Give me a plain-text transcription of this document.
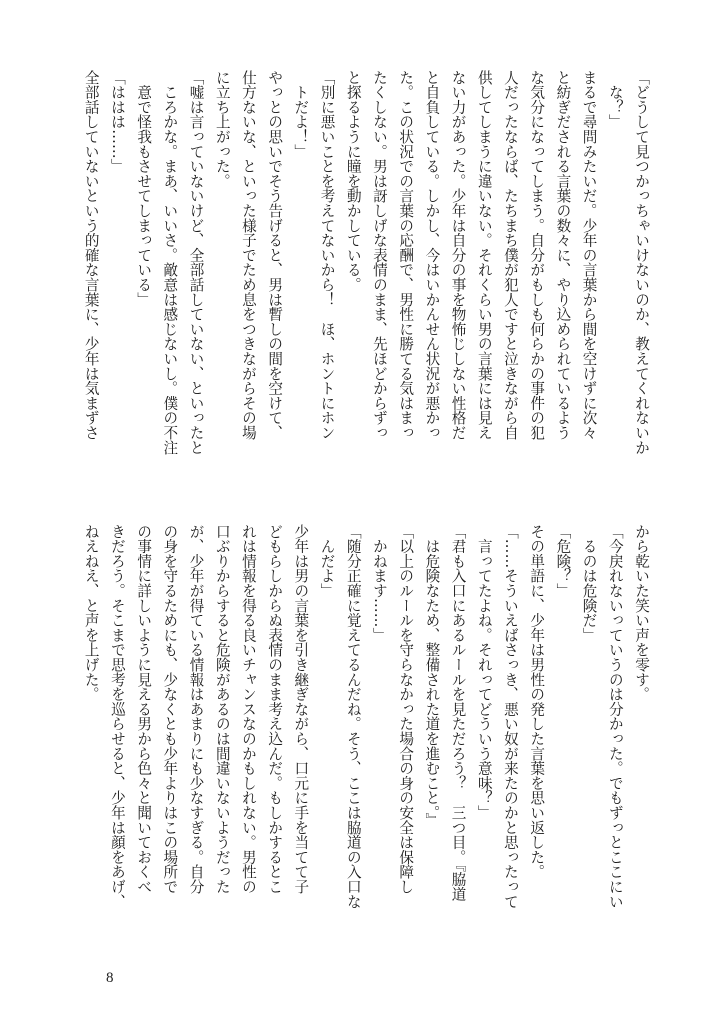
「どうして見つかっちゃいけないのか、教えてくれないか
　な？」
まるで尋問みたいだ。少年の言葉から間を空けずに次々
と紡ぎだされる言葉の数々に、やり込められているよう
な気分になってしまう。自分がもしも何らかの事件の犯
人だったならば、たちまち僕が犯人ですと泣きながら自
供してしまうに違いない。それくらい男の言葉には見え
ない力があった。少年は自分の事を物怖じしない性格だ
と自負している。しかし、今はいかんせん状況が悪かっ
た。この状況での言葉の応酬で、男性に勝てる気はまっ
たくしない。男は訝しげな表情のまま、先ほどからずっ
と探るように瞳を動かしている。
「別に悪いことを考えてないから！　ほ、ホントにホン
　トだよ！」
やっとの思いでそう告げると、男は暫しの間を空けて、
仕方ないな、といった様子でため息をつきながらその場
に立ち上がった。
「嘘は言っていないけど、全部話していない、といったと
　ころかな。まあ、いいさ。敵意は感じないし。僕の不注
　意で怪我もさせてしまっている」
「ははは……」
全部話していないという的確な言葉に、少年は気まずさ
から乾いた笑い声を零す。
「今戻れないっていうのは分かった。でもずっとここにい
　るのは危険だ」
「危険？」
その単語に、少年は男性の発した言葉を思い返した。
「……そういえばさっき、悪い奴が来たのかと思ったって
　言ってたよね。それってどういう意味？」
「君も入口にあるルールを見ただろう？　三つ目。『脇道
　は危険なため、整備された道を進むこと。』
「以上のルールを守らなかった場合の身の安全は保障し
　かねます……」
「随分正確に覚えてるんだね。そう、ここは脇道の入口な
　んだよ」
少年は男の言葉を引き継ぎながら、口元に手を当てて子
どもらしからぬ表情のまま考え込んだ。もしかするとこ
れは情報を得る良いチャンスなのかもしれない。男性の
口ぶりからすると危険があるのは間違いないようだった
が、少年が得ている情報はあまりにも少なすぎる。自分
の身を守るためにも、少なくとも少年よりはこの場所で
の事情に詳しいように見える男から色々と聞いておくべ
きだろう。そこまで思考を巡らせると、少年は顔をあげ、
ねえねえ、と声を上げた。
8
